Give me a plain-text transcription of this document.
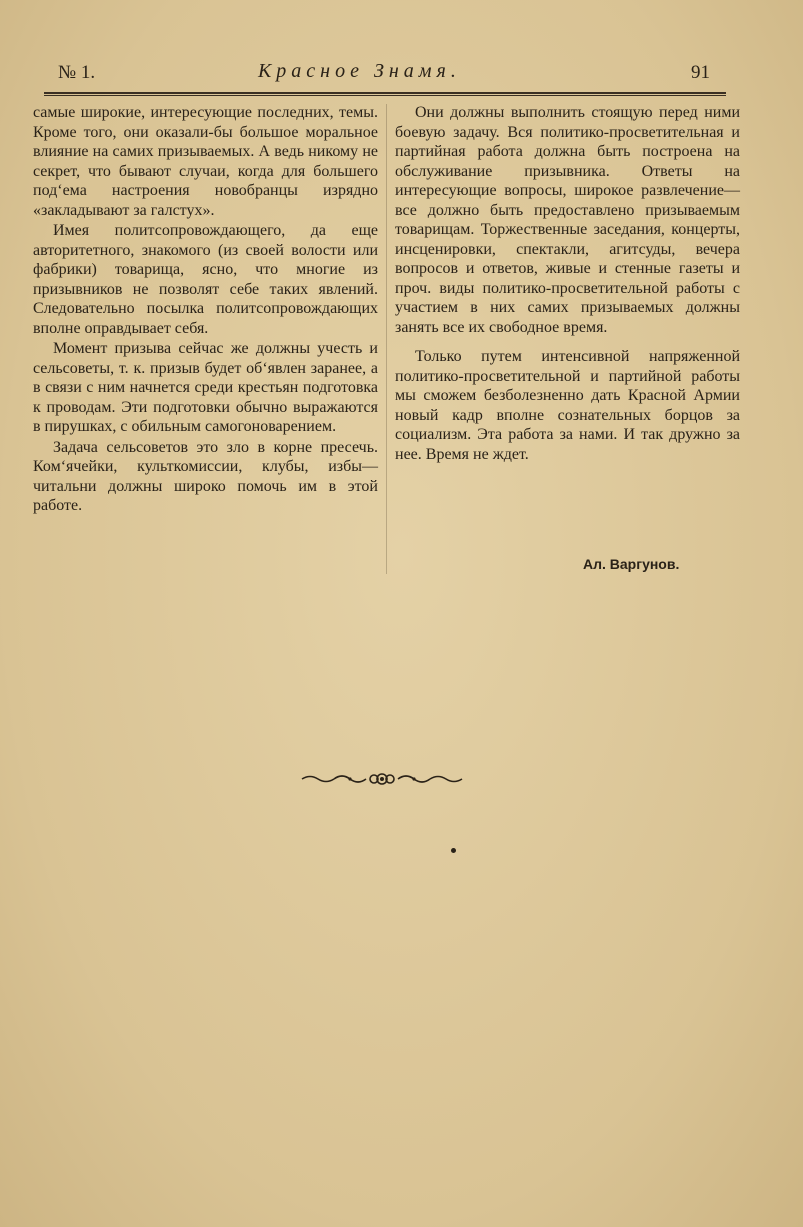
№ 1.	Красное Знамя.	91

самые широкие, интересующие последних, темы. Кроме того, они оказали-бы большое моральное влияние на самих призываемых. А ведь никому не секрет, что бывают случаи, когда для большего под‘ема настроения новобранцы изрядно «закладывают за галстух».

Имея политсопровождающего, да еще авторитетного, знакомого (из своей волости или фабрики) товарища, ясно, что многие из призывников не позволят себе таких явлений. Следовательно посылка политсопровождающих вполне оправдывает себя.

Момент призыва сейчас же должны учесть и сельсоветы, т. к. призыв будет об‘явлен заранее, а в связи с ним начнется среди крестьян подготовка к проводам. Эти подготовки обычно выражаются в пирушках, с обильным самогоноварением.

Задача сельсоветов это зло в корне пресечь. Ком‘ячейки, культкомиссии, клубы, избы—читальни должны широко помочь им в этой работе.

Они должны выполнить стоящую перед ними боевую задачу. Вся политико-просветительная и партийная работа должна быть построена на обслуживание призывника. Ответы на интересующие вопросы, широкое развлечение—все должно быть предоставлено призываемым товарищам. Торжественные заседания, концерты, инсценировки, спектакли, агитсуды, вечера вопросов и ответов, живые и стенные газеты и проч. виды политико-просветительной работы с участием в них самих призываемых должны занять все их свободное время.

Только путем интенсивной напряженной политико-просветительной и партийной работы мы сможем безболезненно дать Красной Армии новый кадр вполне сознательных борцов за социализм. Эта работа за нами. И так дружно за нее. Время не ждет.

Ал. Варгунов.
